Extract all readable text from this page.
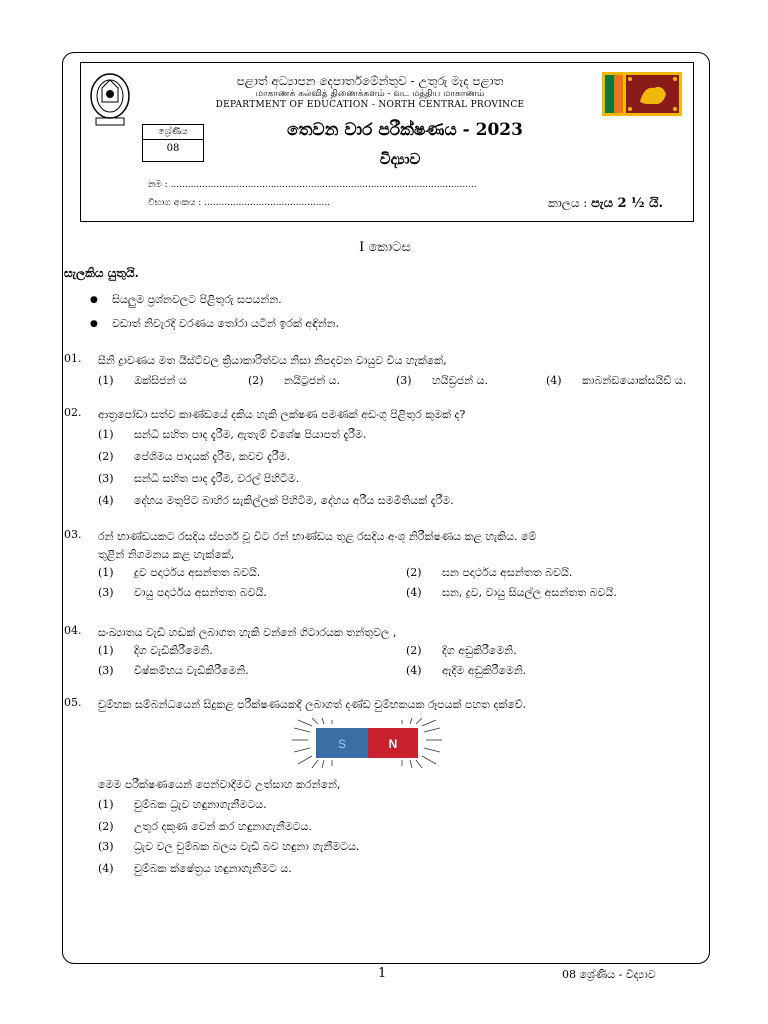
පළාත් අධ්‍යාපන දෙපාර්තමේන්තුව - උතුරු මැද පළාත
மாகாணக் கல்வித் திணைக்களம் - வட மத்திய மாகாணம்
DEPARTMENT OF EDUCATION - NORTH CENTRAL PROVINCE
ශ්‍රේණිය
08
තෙවන වාර පරීක්ෂණය - 2023
විද්‍යාව
නම : ...........................................................................................................
විභාග අංකය : ............................................	කාලය : පැය 2 ½ යි.
I කොටස
සැලකිය යුතුයි.
● සියලුම ප්‍රශ්නවලට පිළිතුරු සපයන්න.
● වඩාත් නිවැරදි වරණය තෝරා යටින් ඉරක් අඳින්න.
01. සීනි ද්‍රාවණය මත යීස්ට්වල ක්‍රියාකාරිත්වය නිසා නිපදවන වායුව විය හැක්කේ,
(1) ඔක්සිජන් ය	(2) නයිට්‍රජන් ය.	(3) හයිඩ්‍රජන් ය.	(4) කාබන්ඩයොක්සයිඩ් ය.
02. ආත්‍රපෝඩා සත්ව කාණ්ඩයේ දකිය හැකි ලක්ෂණ පමණක් අඩංගු පිළිතුර කුමක් ද?
(1) සන්ධි සහිත පාද දැරීම, ඇතැම් විශේෂ පියාපත් දැරීම.
(2) පේශිමය පාදයක් දැරීම, කවච දැරීම.
(3) සන්ධි සහිත පාද දැරීම, වරල් පිහිටීම.
(4) දේහය මතුපිට බාහිර සැකිල්ලක් පිහිටීම, දේහය අරීය සමමිතියක් දැරීම.
03. රන් භාණ්ඩයකට රසදිය ස්පර්ශ වූ විට රන් භාණ්ඩය තුළ රසදිය අංශු නිරීක්ෂණය කළ හැකිය. මේ
තුළින් නිගමනය කළ හැක්කේ,
(1) ද්‍රව පදාර්ථය අසන්තත බවයි.	(2) ඝන පදාර්ථය අසන්තත බවයි.
(3) වායු පදාර්ථය අසන්තත බවයි.	(4) ඝන, ද්‍රව, වායු සියල්ල අසන්තත බවයි.
04. සංඛ්‍යාතය වැඩි හඬක් ලබාගත හැකි වන්නේ ගිටාරයක තන්තුවල ,
(1) දිග වැඩිකිරීමෙනි.	(2) දිග අඩුකිරීමෙනි.
(3) විෂ්කම්භය වැඩිකිරීමෙනි.	(4) ඇදීම අඩුකිරීමෙනි.
05. චුම්භක සම්බන්ධයෙන් සිදුකළ පරීක්ෂණයකදී ලබාගත් දණ්ඩ චුම්භකයක රූපයක් පහත දක්වේ.
S	N
මෙම පරීක්ෂණයෙන් පෙන්වාදීමට උත්සාහ කරන්නේ,
(1) චුම්බක ධ්‍රැව හඳුනාගැනීමටය.
(2) උතුර දකුණ වෙන් කර හඳුනාගැනීමටය.
(3) ධ්‍රැව වල චුම්බක බලය වැඩි බව හඳුනා ගැනීමටය.
(4) චුම්බක ක්ෂේත්‍රය හඳුනාගැනීමට ය.
1	08 ශ්‍රේණිය - විද්‍යාව
